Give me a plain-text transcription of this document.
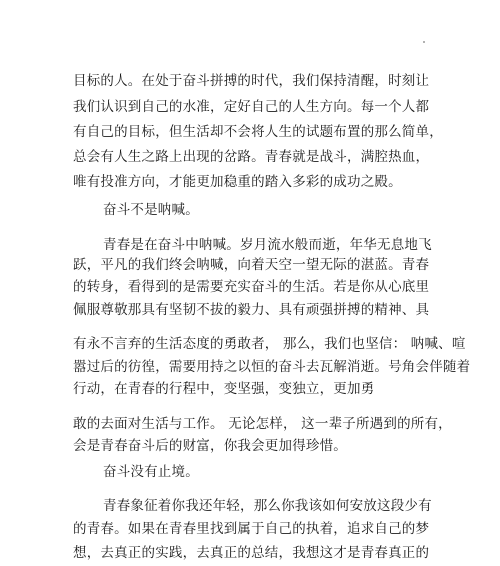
目标的人。在处于奋斗拼搏的时代，我们保持清醒，时刻让
我们认识到自己的水准，定好自己的人生方向。每一个人都
有自己的目标，但生活却不会将人生的试题布置的那么简单，
总会有人生之路上出现的岔路。青春就是战斗，满腔热血，
唯有投准方向，才能更加稳重的踏入多彩的成功之殿。
奋斗不是呐喊。
青春是在奋斗中呐喊。岁月流水般而逝，年华无息地飞
跃，平凡的我们终会呐喊，向着天空一望无际的湛蓝。青春
的转身，看得到的是需要充实奋斗的生活。若是你从心底里
佩服尊敬那具有坚韧不拔的毅力、具有顽强拼搏的精神、具
有永不言弃的生活态度的勇敢者， 那么，我们也坚信： 呐喊、喧
嚣过后的彷徨，需要用持之以恒的奋斗去瓦解消逝。号角会伴随着
行动，在青春的行程中，变坚强，变独立，更加勇
敢的去面对生活与工作。 无论怎样， 这一辈子所遇到的所有，
会是青春奋斗后的财富，你我会更加得珍惜。
奋斗没有止境。
青春象征着你我还年轻，那么你我该如何安放这段少有
的青春。如果在青春里找到属于自己的执着，追求自己的梦
想，去真正的实践，去真正的总结，我想这才是青春真正的
